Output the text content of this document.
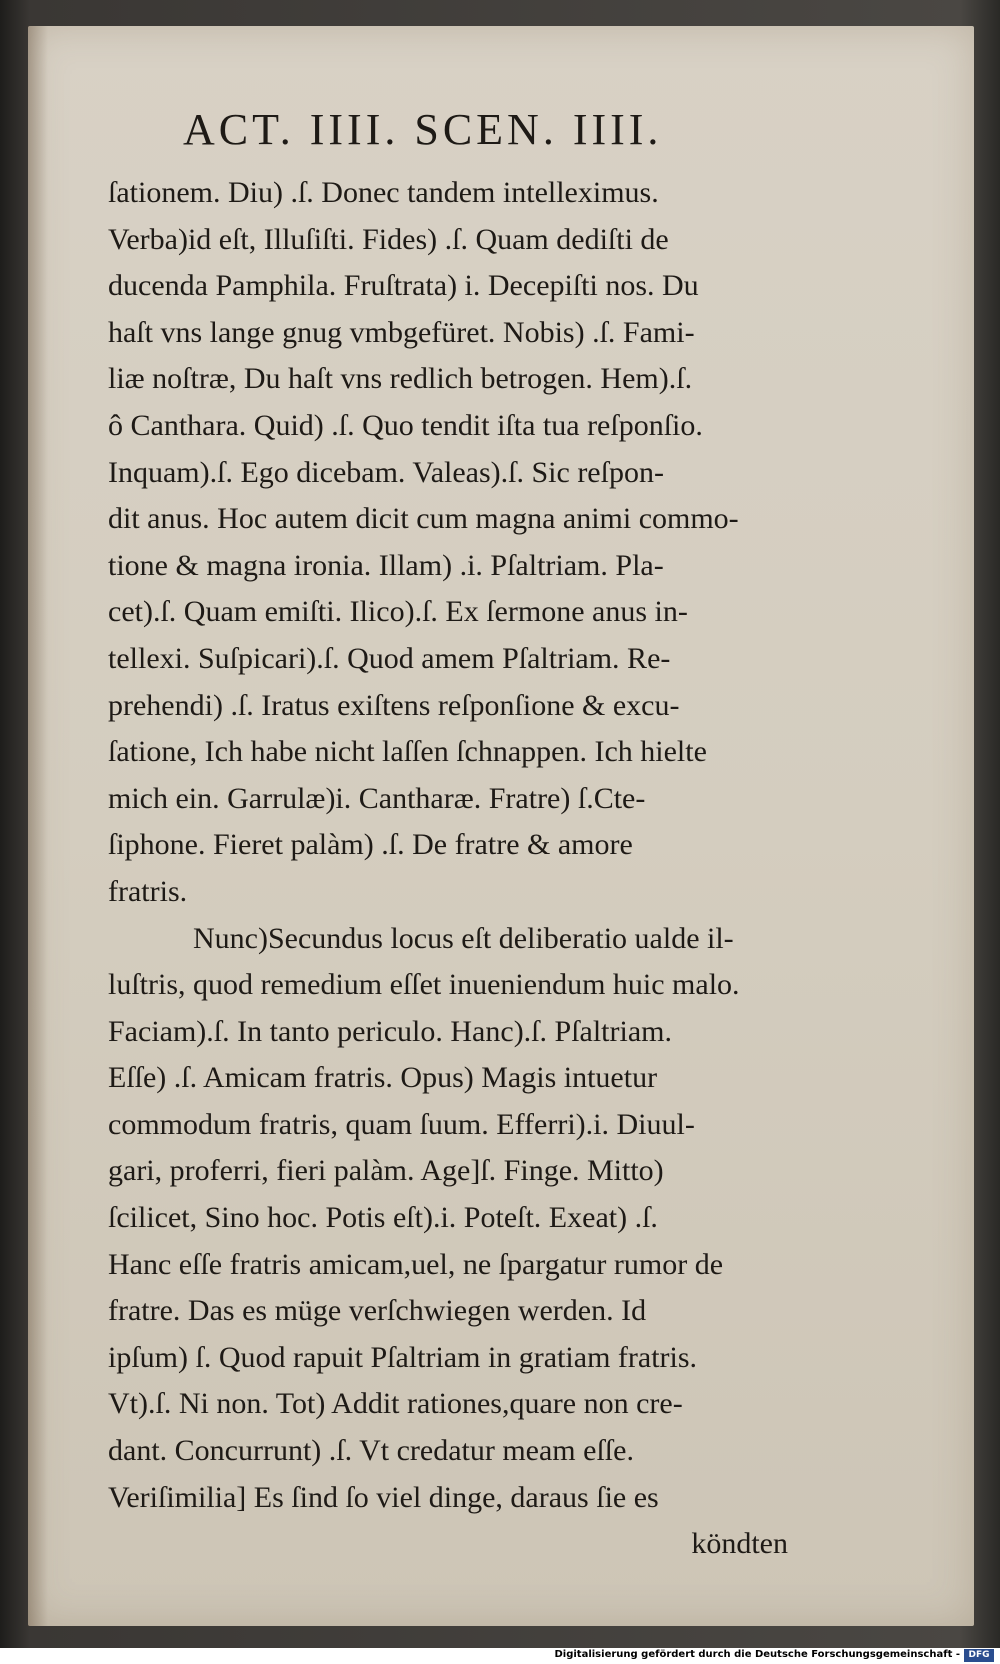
ACT. IIII. SCEN. IIII.
ſationem. Diu) .ſ. Donec tandem intelleximus.
Verba)id eſt, Illuſiſti. Fides) .ſ. Quam dediſti de
ducenda Pamphila. Fruſtrata) i. Decepiſti nos. Du
haſt vns lange gnug vmbgefüret. Nobis) .ſ. Fami-
liæ noſtræ, Du haſt vns redlich betrogen. Hem).ſ.
ô Canthara. Quid) .ſ. Quo tendit iſta tua reſponſio.
Inquam).ſ. Ego dicebam. Valeas).ſ. Sic reſpon-
dit anus. Hoc autem dicit cum magna animi commo-
tione & magna ironia. Illam) .i. Pſaltriam. Pla-
cet).ſ. Quam emiſti. Ilico).ſ. Ex ſermone anus in-
tellexi. Suſpicari).ſ. Quod amem Pſaltriam. Re-
prehendi) .ſ. Iratus exiſtens reſponſione & excu-
ſatione, Ich habe nicht laſſen ſchnappen. Ich hielte
mich ein. Garrulæ)i. Cantharæ. Fratre) ſ.Cte-
ſiphone. Fieret palàm) .ſ. De fratre & amore
fratris.
Nunc)Secundus locus eſt deliberatio ualde il-
luſtris, quod remedium eſſet inueniendum huic malo.
Faciam).ſ. In tanto periculo. Hanc).ſ. Pſaltriam.
Eſſe) .ſ. Amicam fratris. Opus) Magis intuetur
commodum fratris, quam ſuum. Efferri).i. Diuul-
gari, proferri, fieri palàm. Age]ſ. Finge. Mitto)
ſcilicet, Sino hoc. Potis eſt).i. Poteſt. Exeat) .ſ.
Hanc eſſe fratris amicam,uel, ne ſpargatur rumor de
fratre. Das es müge verſchwiegen werden. Id
ipſum) ſ. Quod rapuit Pſaltriam in gratiam fratris.
Vt).ſ. Ni non. Tot) Addit rationes,quare non cre-
dant. Concurrunt) .ſ. Vt credatur meam eſſe.
Veriſimilia] Es ſind ſo viel dinge, daraus ſie es
köndten
Digitalisierung gefördert durch die Deutsche Forschungsgemeinschaft - DFG
